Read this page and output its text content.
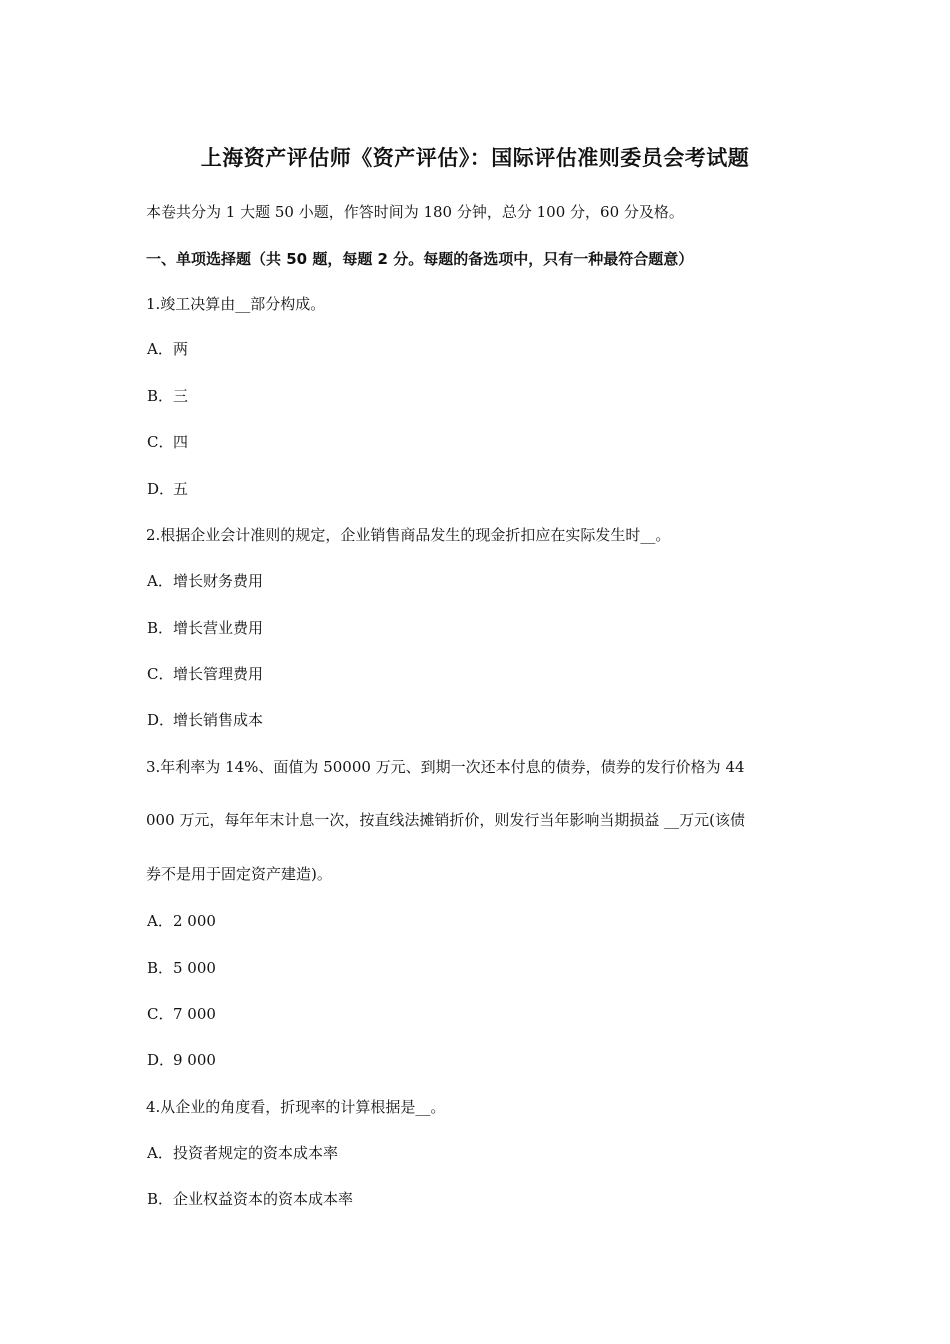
上海资产评估师《资产评估》：国际评估准则委员会考试题
本卷共分为 1 大题 50 小题，作答时间为 180 分钟，总分 100 分，60 分及格。
一、单项选择题（共 50 题，每题 2 分。每题的备选项中，只有一种最符合题意）
1.竣工决算由__部分构成。
A．两
B．三
C．四
D．五
2.根据企业会计准则的规定，企业销售商品发生的现金折扣应在实际发生时__。
A．增长财务费用
B．增长营业费用
C．增长管理费用
D．增长销售成本
3.年利率为 14%、面值为 50000 万元、到期一次还本付息的债券，债券的发行价格为 44
000 万元，每年年末计息一次，按直线法摊销折价，则发行当年影响当期损益 __万元(该债
券不是用于固定资产建造)。
A．2 000
B．5 000
C．7 000
D．9 000
4.从企业的角度看，折现率的计算根据是__。
A．投资者规定的资本成本率
B．企业权益资本的资本成本率
